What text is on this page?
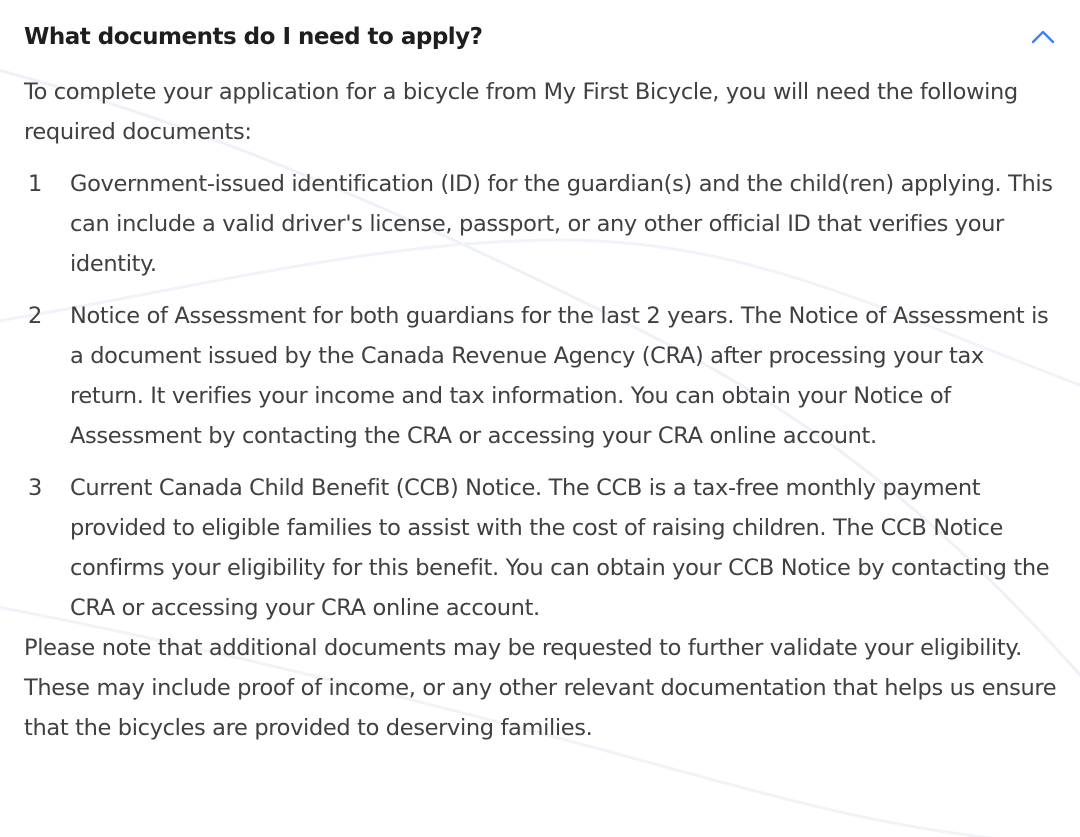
What documents do I need to apply?

To complete your application for a bicycle from My First Bicycle, you will need the following required documents:

1 Government-issued identification (ID) for the guardian(s) and the child(ren) applying. This can include a valid driver's license, passport, or any other official ID that verifies your identity.
2 Notice of Assessment for both guardians for the last 2 years. The Notice of Assessment is a document issued by the Canada Revenue Agency (CRA) after processing your tax return. It verifies your income and tax information. You can obtain your Notice of Assessment by contacting the CRA or accessing your CRA online account.
3 Current Canada Child Benefit (CCB) Notice. The CCB is a tax-free monthly payment provided to eligible families to assist with the cost of raising children. The CCB Notice confirms your eligibility for this benefit. You can obtain your CCB Notice by contacting the CRA or accessing your CRA online account.

Please note that additional documents may be requested to further validate your eligibility. These may include proof of income, or any other relevant documentation that helps us ensure that the bicycles are provided to deserving families.
